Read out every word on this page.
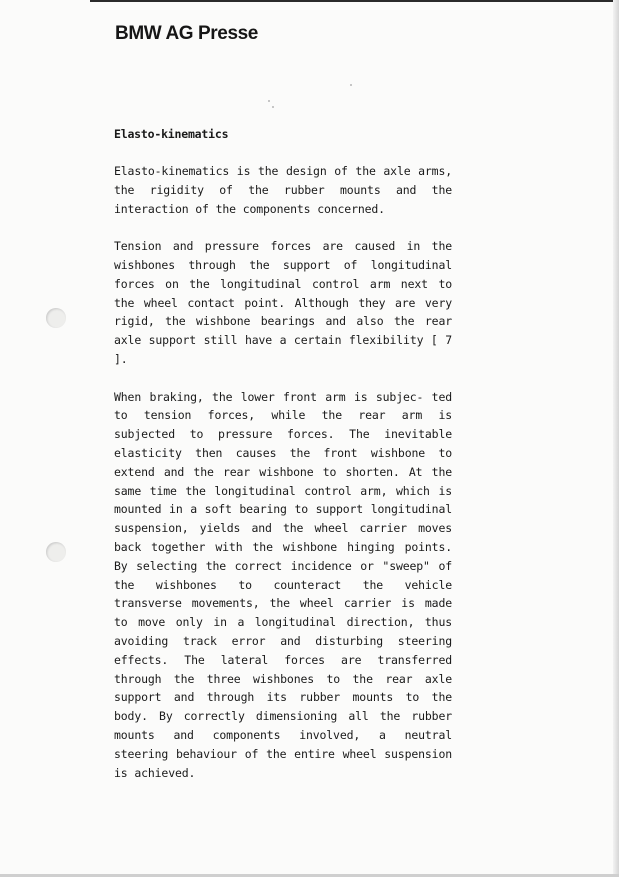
BMW AG Presse
Elasto-kinematics

Elasto-kinematics is the design of the axle arms, the rigidity of the rubber mounts and the interaction of the components concerned.

Tension and pressure forces are caused in the wishbones through the support of longitudinal forces on the longitudinal control arm next to the wheel contact point. Although they are very rigid, the wishbone bearings and also the rear axle support still have a certain flexibility [ 7 ].

When braking, the lower front arm is subjec- ted to tension forces, while the rear arm is subjected to pressure forces. The inevitable elasticity then causes the front wishbone to extend and the rear wishbone to shorten. At the same time the longitudinal control arm, which is mounted in a soft bearing to support longitudinal suspension, yields and the wheel carrier moves back together with the wishbone hinging points. By selecting the correct incidence or "sweep" of the wishbones to counteract the vehicle transverse movements, the wheel carrier is made to move only in a longitudinal direction, thus avoiding track error and disturbing steering effects. The lateral forces are transferred through the three wishbones to the rear axle support and through its rubber mounts to the body. By correctly dimensioning all the rubber mounts and components involved, a neutral steering behaviour of the entire wheel suspension is achieved.
